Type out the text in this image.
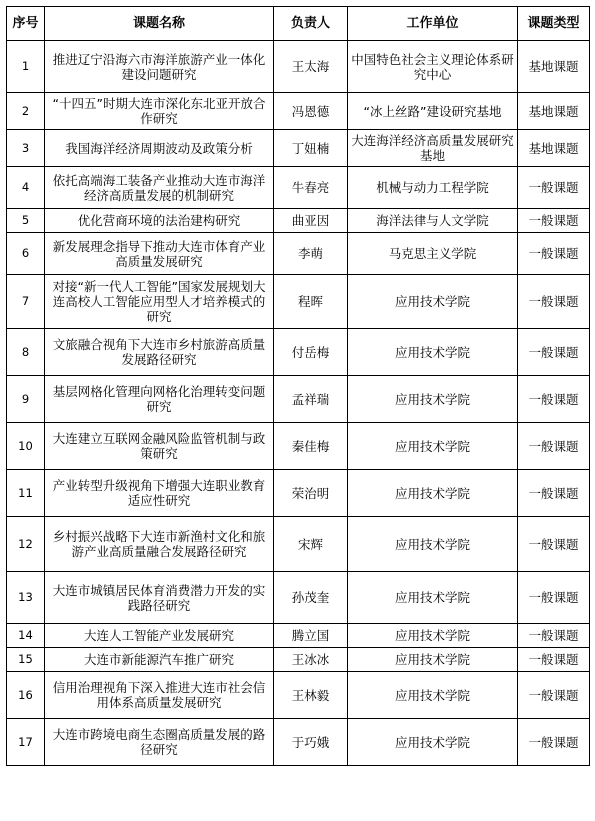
序号	课题名称	负责人	工作单位	课题类型
1	推进辽宁沿海六市海洋旅游产业一体化建设问题研究	王太海	中国特色社会主义理论体系研究中心	基地课题
2	“十四五”时期大连市深化东北亚开放合作研究	冯恩德	“冰上丝路”建设研究基地	基地课题
3	我国海洋经济周期波动及政策分析	丁妞楠	大连海洋经济高质量发展研究基地	基地课题
4	依托高端海工装备产业推动大连市海洋经济高质量发展的机制研究	牛春亮	机械与动力工程学院	一般课题
5	优化营商环境的法治建构研究	曲亚因	海洋法律与人文学院	一般课题
6	新发展理念指导下推动大连市体育产业高质量发展研究	李萌	马克思主义学院	一般课题
7	对接“新一代人工智能”国家发展规划大连高校人工智能应用型人才培养模式的研究	程晖	应用技术学院	一般课题
8	文旅融合视角下大连市乡村旅游高质量发展路径研究	付岳梅	应用技术学院	一般课题
9	基层网格化管理向网格化治理转变问题研究	孟祥瑞	应用技术学院	一般课题
10	大连建立互联网金融风险监管机制与政策研究	秦佳梅	应用技术学院	一般课题
11	产业转型升级视角下增强大连职业教育适应性研究	荣治明	应用技术学院	一般课题
12	乡村振兴战略下大连市新渔村文化和旅游产业高质量融合发展路径研究	宋辉	应用技术学院	一般课题
13	大连市城镇居民体育消费潜力开发的实践路径研究	孙茂奎	应用技术学院	一般课题
14	大连人工智能产业发展研究	腾立国	应用技术学院	一般课题
15	大连市新能源汽车推广研究	王冰冰	应用技术学院	一般课题
16	信用治理视角下深入推进大连市社会信用体系高质量发展研究	王林毅	应用技术学院	一般课题
17	大连市跨境电商生态圈高质量发展的路径研究	于巧娥	应用技术学院	一般课题
